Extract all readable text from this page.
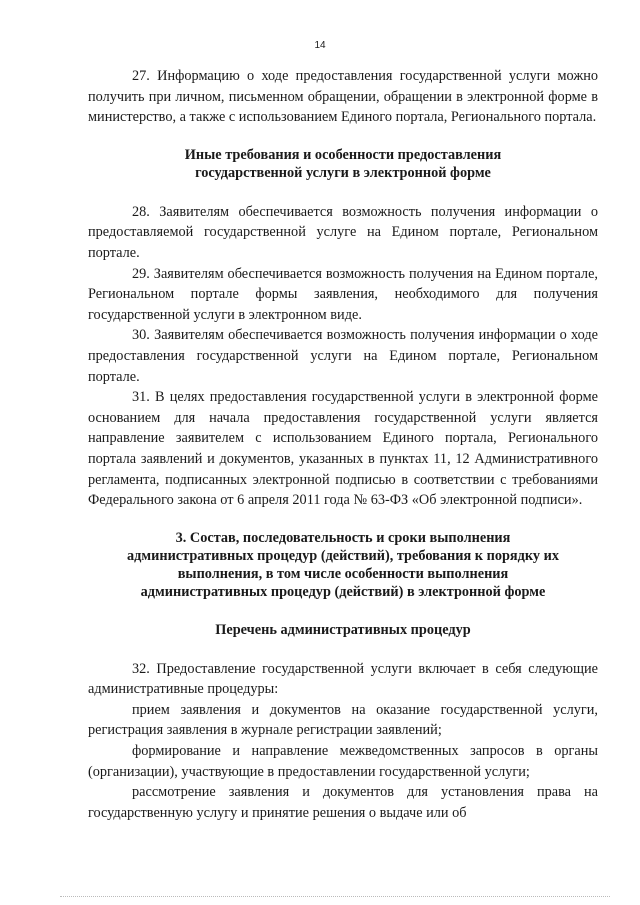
14

27. Информацию о ходе предоставления государственной услуги можно получить при личном, письменном обращении, обращении в электронной форме в министерство, а также с использованием Единого портала, Регионального портала.

Иные требования и особенности предоставления государственной услуги в электронной форме

28. Заявителям обеспечивается возможность получения информации о предоставляемой государственной услуге на Едином портале, Региональном портале.

29. Заявителям обеспечивается возможность получения на Едином портале, Региональном портале формы заявления, необходимого для получения государственной услуги в электронном виде.

30. Заявителям обеспечивается возможность получения информации о ходе предоставления государственной услуги на Едином портале, Региональном портале.

31. В целях предоставления государственной услуги в электронной форме основанием для начала предоставления государственной услуги является направление заявителем с использованием Единого портала, Регионального портала заявлений и документов, указанных в пунктах 11, 12 Административного регламента, подписанных электронной подписью в соответствии с требованиями Федерального закона от 6 апреля 2011 года № 63-ФЗ «Об электронной подписи».

3. Состав, последовательность и сроки выполнения административных процедур (действий), требования к порядку их выполнения, в том числе особенности выполнения административных процедур (действий) в электронной форме
Перечень административных процедур

32. Предоставление государственной услуги включает в себя следующие административные процедуры:

прием заявления и документов на оказание государственной услуги, регистрация заявления в журнале регистрации заявлений;

формирование и направление межведомственных запросов в органы (организации), участвующие в предоставлении государственной услуги;

рассмотрение заявления и документов для установления права на государственную услугу и принятие решения о выдаче или об
